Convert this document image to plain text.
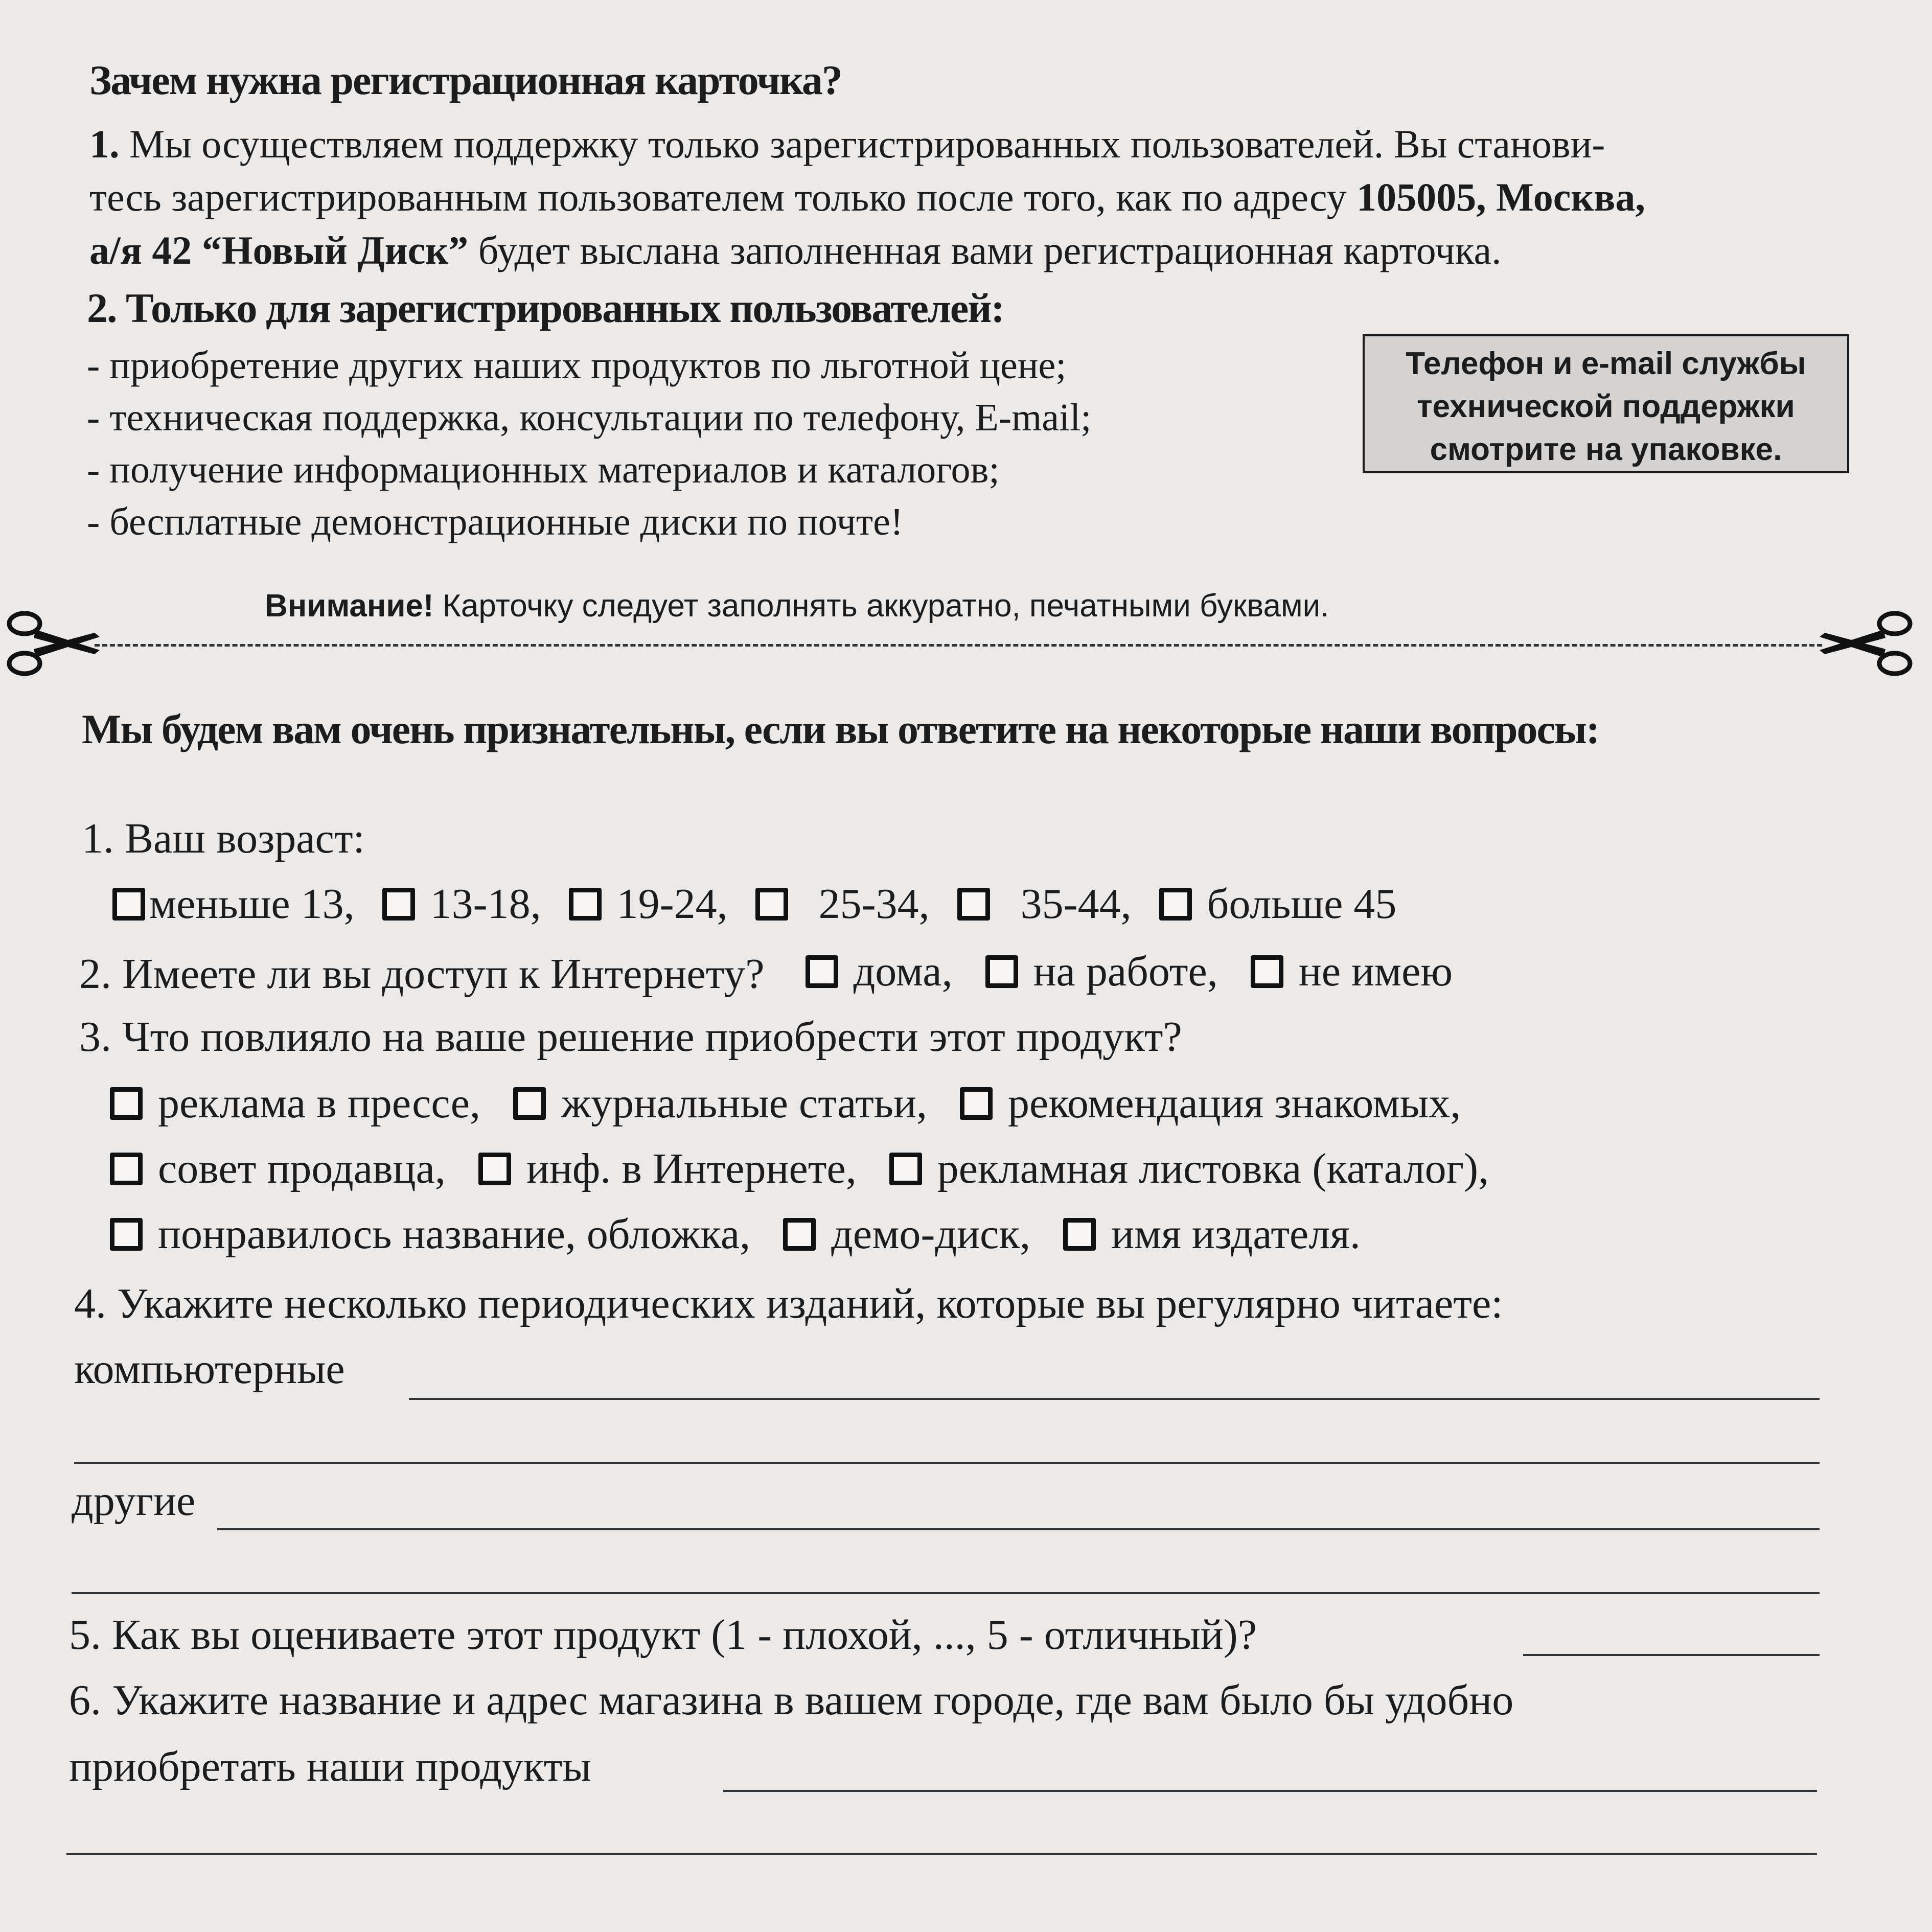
Зачем нужна регистрационная карточка?
1. Мы осуществляем поддержку только зарегистрированных пользователей. Вы станови-
тесь зарегистрированным пользователем только после того, как по адресу 105005, Москва,
а/я 42 “Новый Диск” будет выслана заполненная вами регистрационная карточка.
2. Только для зарегистрированных пользователей:
- приобретение других наших продуктов по льготной цене;
- техническая поддержка, консультации по телефону, E-mail;
- получение информационных материалов и каталогов;
- бесплатные демонстрационные диски по почте!
Телефон и e-mail службы
технической поддержки
смотрите на упаковке.
Внимание! Карточку следует заполнять аккуратно, печатными буквами.
Мы будем вам очень признательны, если вы ответите на некоторые наши вопросы:
1. Ваш возраст:
меньше 13,
13-18,
19-24,
25-34,
35-44,
больше 45
2. Имеете ли вы доступ к Интернету? дома,
на работе,
не имею
3. Что повлияло на ваше решение приобрести этот продукт?
реклама в прессе,
журнальные статьи,
рекомендация знакомых,
совет продавца,
инф. в Интернете,
рекламная листовка (каталог),
понравилось название, обложка,
демо-диск,
имя издателя.
4. Укажите несколько периодических изданий, которые вы регулярно читаете:
компьютерные
другие
5. Как вы оцениваете этот продукт (1 - плохой, ..., 5 - отличный)?
6. Укажите название и адрес магазина в вашем городе, где вам было бы удобно
приобретать наши продукты
